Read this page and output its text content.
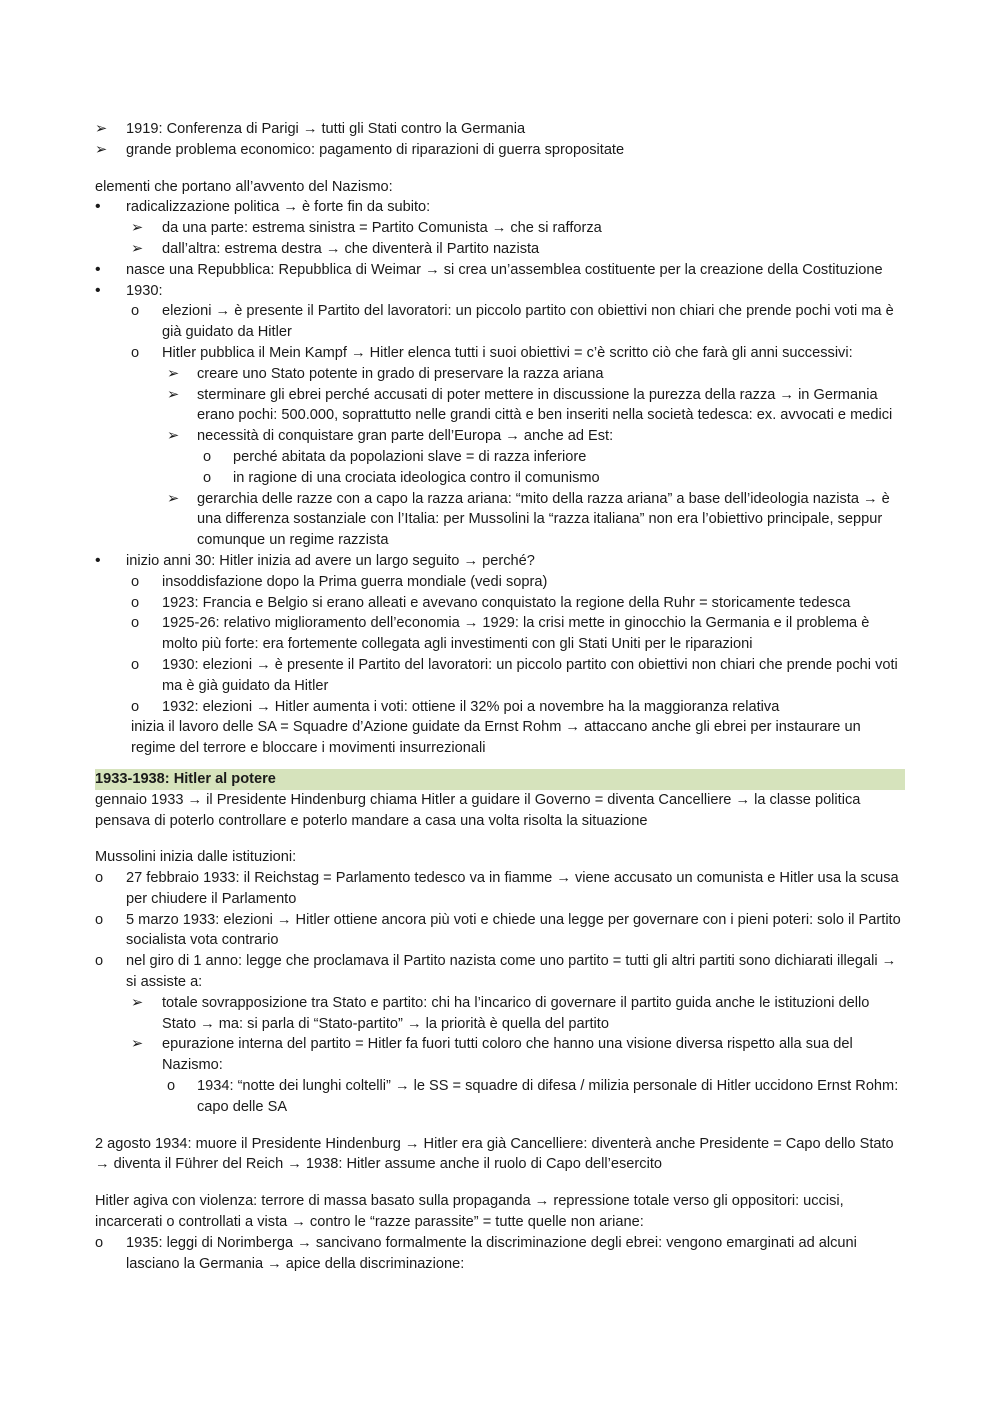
➢	1919: Conferenza di Parigi → tutti gli Stati contro la Germania
➢	grande problema economico: pagamento di riparazioni di guerra spropositate
elementi che portano all’avvento del Nazismo:
•	radicalizzazione politica → è forte fin da subito:
➢	da una parte: estrema sinistra = Partito Comunista → che si rafforza
➢	dall’altra: estrema destra → che diventerà il Partito nazista
•	nasce una Repubblica: Repubblica di Weimar → si crea un’assemblea costituente per la creazione della Costituzione
•	1930:
o	elezioni → è presente il Partito del lavoratori: un piccolo partito con obiettivi non chiari che prende pochi voti ma è già guidato da Hitler
o	Hitler pubblica il Mein Kampf → Hitler elenca tutti i suoi obiettivi = c’è scritto ciò che farà gli anni successivi:
➢	creare uno Stato potente in grado di preservare la razza ariana
➢	sterminare gli ebrei perché accusati di poter mettere in discussione la purezza della razza → in Germania erano pochi: 500.000, soprattutto nelle grandi città e ben inseriti nella società tedesca: ex. avvocati e medici
➢	necessità di conquistare gran parte dell’Europa → anche ad Est:
o	perché abitata da popolazioni slave = di razza inferiore
o	in ragione di una crociata ideologica contro il comunismo
➢	gerarchia delle razze con a capo la razza ariana: “mito della razza ariana” a base dell’ideologia nazista → è una differenza sostanziale con l’Italia: per Mussolini la “razza italiana” non era l’obiettivo principale, seppur comunque un regime razzista
•	inizio anni 30: Hitler inizia ad avere un largo seguito → perché?
o	insoddisfazione dopo la Prima guerra mondiale (vedi sopra)
o	1923: Francia e Belgio si erano alleati e avevano conquistato la regione della Ruhr = storicamente tedesca
o	1925-26: relativo miglioramento dell’economia → 1929: la crisi mette in ginocchio la Germania e il problema è molto più forte: era fortemente collegata agli investimenti con gli Stati Uniti per le riparazioni
o	1930: elezioni → è presente il Partito del lavoratori: un piccolo partito con obiettivi non chiari che prende pochi voti ma è già guidato da Hitler
o	1932: elezioni → Hitler aumenta i voti: ottiene il 32% poi a novembre ha la maggioranza relativa
inizia il lavoro delle SA = Squadre d’Azione guidate da Ernst Rohm → attaccano anche gli ebrei per instaurare un regime del terrore e bloccare i movimenti insurrezionali
1933-1938: Hitler al potere
gennaio 1933 → il Presidente Hindenburg chiama Hitler a guidare il Governo = diventa Cancelliere → la classe politica pensava di poterlo controllare e poterlo mandare a casa una volta risolta la situazione
Mussolini inizia dalle istituzioni:
o	27 febbraio 1933: il Reichstag = Parlamento tedesco va in fiamme → viene accusato un comunista e Hitler usa la scusa per chiudere il Parlamento
o	5 marzo 1933: elezioni → Hitler ottiene ancora più voti e chiede una legge per governare con i pieni poteri: solo il Partito socialista vota contrario
o	nel giro di 1 anno: legge che proclamava il Partito nazista come uno partito = tutti gli altri partiti sono dichiarati illegali → si assiste a:
➢	totale sovrapposizione tra Stato e partito: chi ha l’incarico di governare il partito guida anche le istituzioni dello Stato → ma: si parla di “Stato-partito” → la priorità è quella del partito
➢	epurazione interna del partito = Hitler fa fuori tutti coloro che hanno una visione diversa rispetto alla sua del Nazismo:
o	1934: “notte dei lunghi coltelli” → le SS = squadre di difesa / milizia personale di Hitler uccidono Ernst Rohm: capo delle SA
2 agosto 1934: muore il Presidente Hindenburg → Hitler era già Cancelliere: diventerà anche Presidente = Capo dello Stato → diventa il Führer del Reich → 1938: Hitler assume anche il ruolo di Capo dell’esercito
Hitler agiva con violenza: terrore di massa basato sulla propaganda → repressione totale verso gli oppositori: uccisi, incarcerati o controllati a vista → contro le “razze parassite” = tutte quelle non ariane:
o	1935: leggi di Norimberga → sancivano formalmente la discriminazione degli ebrei: vengono emarginati ad alcuni lasciano la Germania → apice della discriminazione:
